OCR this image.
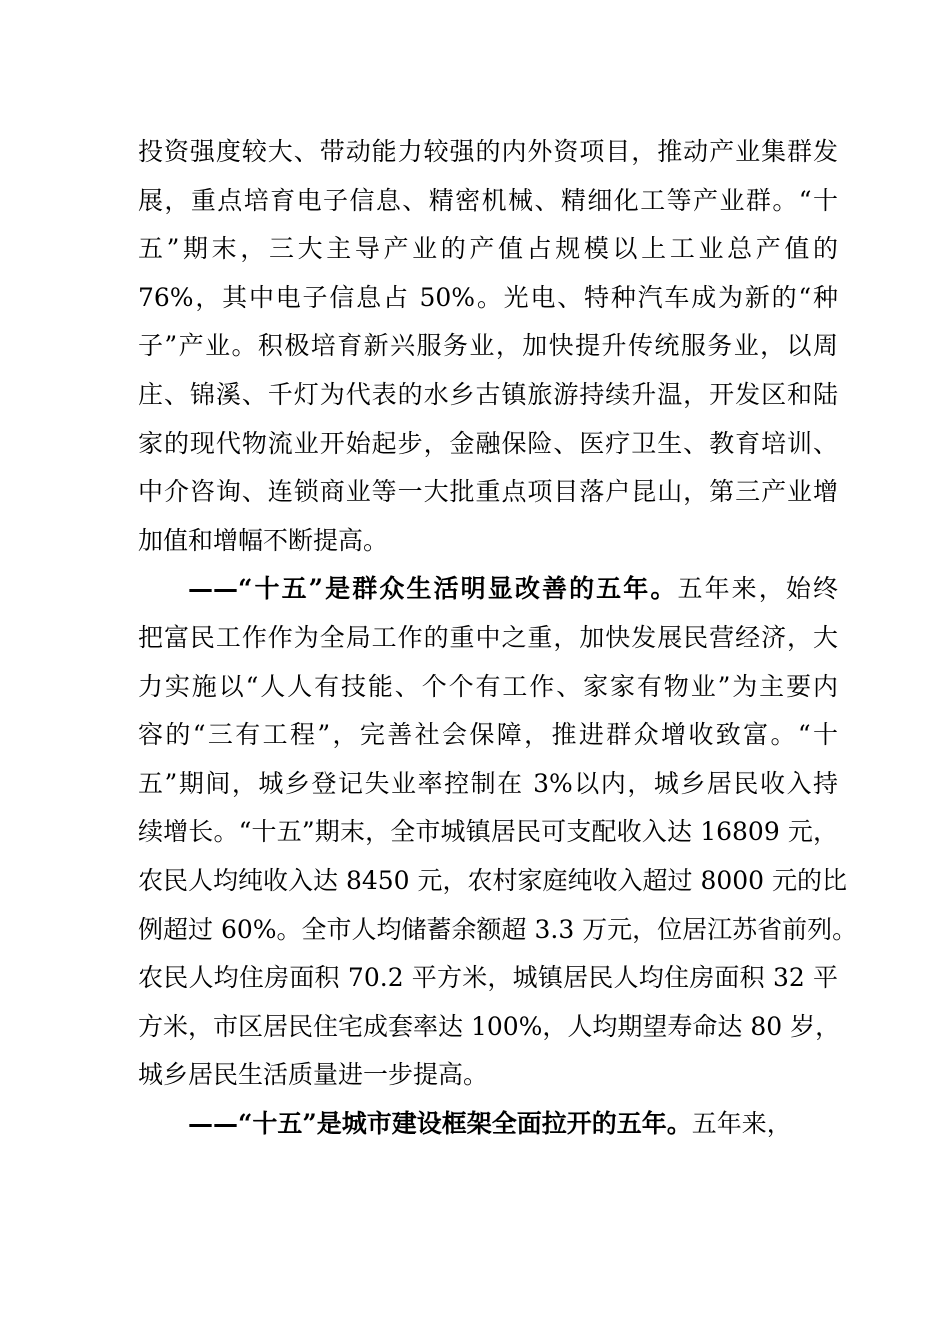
投资强度较大、带动能力较强的内外资项目，推动产业集群发
展，重点培育电子信息、精密机械、精细化工等产业群。“十
五”期末，三大主导产业的产值占规模以上工业总产值的
76%，其中电子信息占 50%。光电、特种汽车成为新的“种
子”产业。积极培育新兴服务业，加快提升传统服务业，以周
庄、锦溪、千灯为代表的水乡古镇旅游持续升温，开发区和陆
家的现代物流业开始起步，金融保险、医疗卫生、教育培训、
中介咨询、连锁商业等一大批重点项目落户昆山，第三产业增
加值和增幅不断提高。
——“十五”是群众生活明显改善的五年。五年来，始终
把富民工作作为全局工作的重中之重，加快发展民营经济，大
力实施以“人人有技能、个个有工作、家家有物业”为主要内
容的“三有工程”，完善社会保障，推进群众增收致富。“十
五”期间，城乡登记失业率控制在 3%以内，城乡居民收入持
续增长。“十五”期末，全市城镇居民可支配收入达 16809 元，
农民人均纯收入达 8450 元，农村家庭纯收入超过 8000 元的比
例超过 60%。全市人均储蓄余额超 3.3 万元，位居江苏省前列。
农民人均住房面积 70.2 平方米，城镇居民人均住房面积 32 平
方米，市区居民住宅成套率达 100%，人均期望寿命达 80 岁，
城乡居民生活质量进一步提高。
——“十五”是城市建设框架全面拉开的五年。五年来，
